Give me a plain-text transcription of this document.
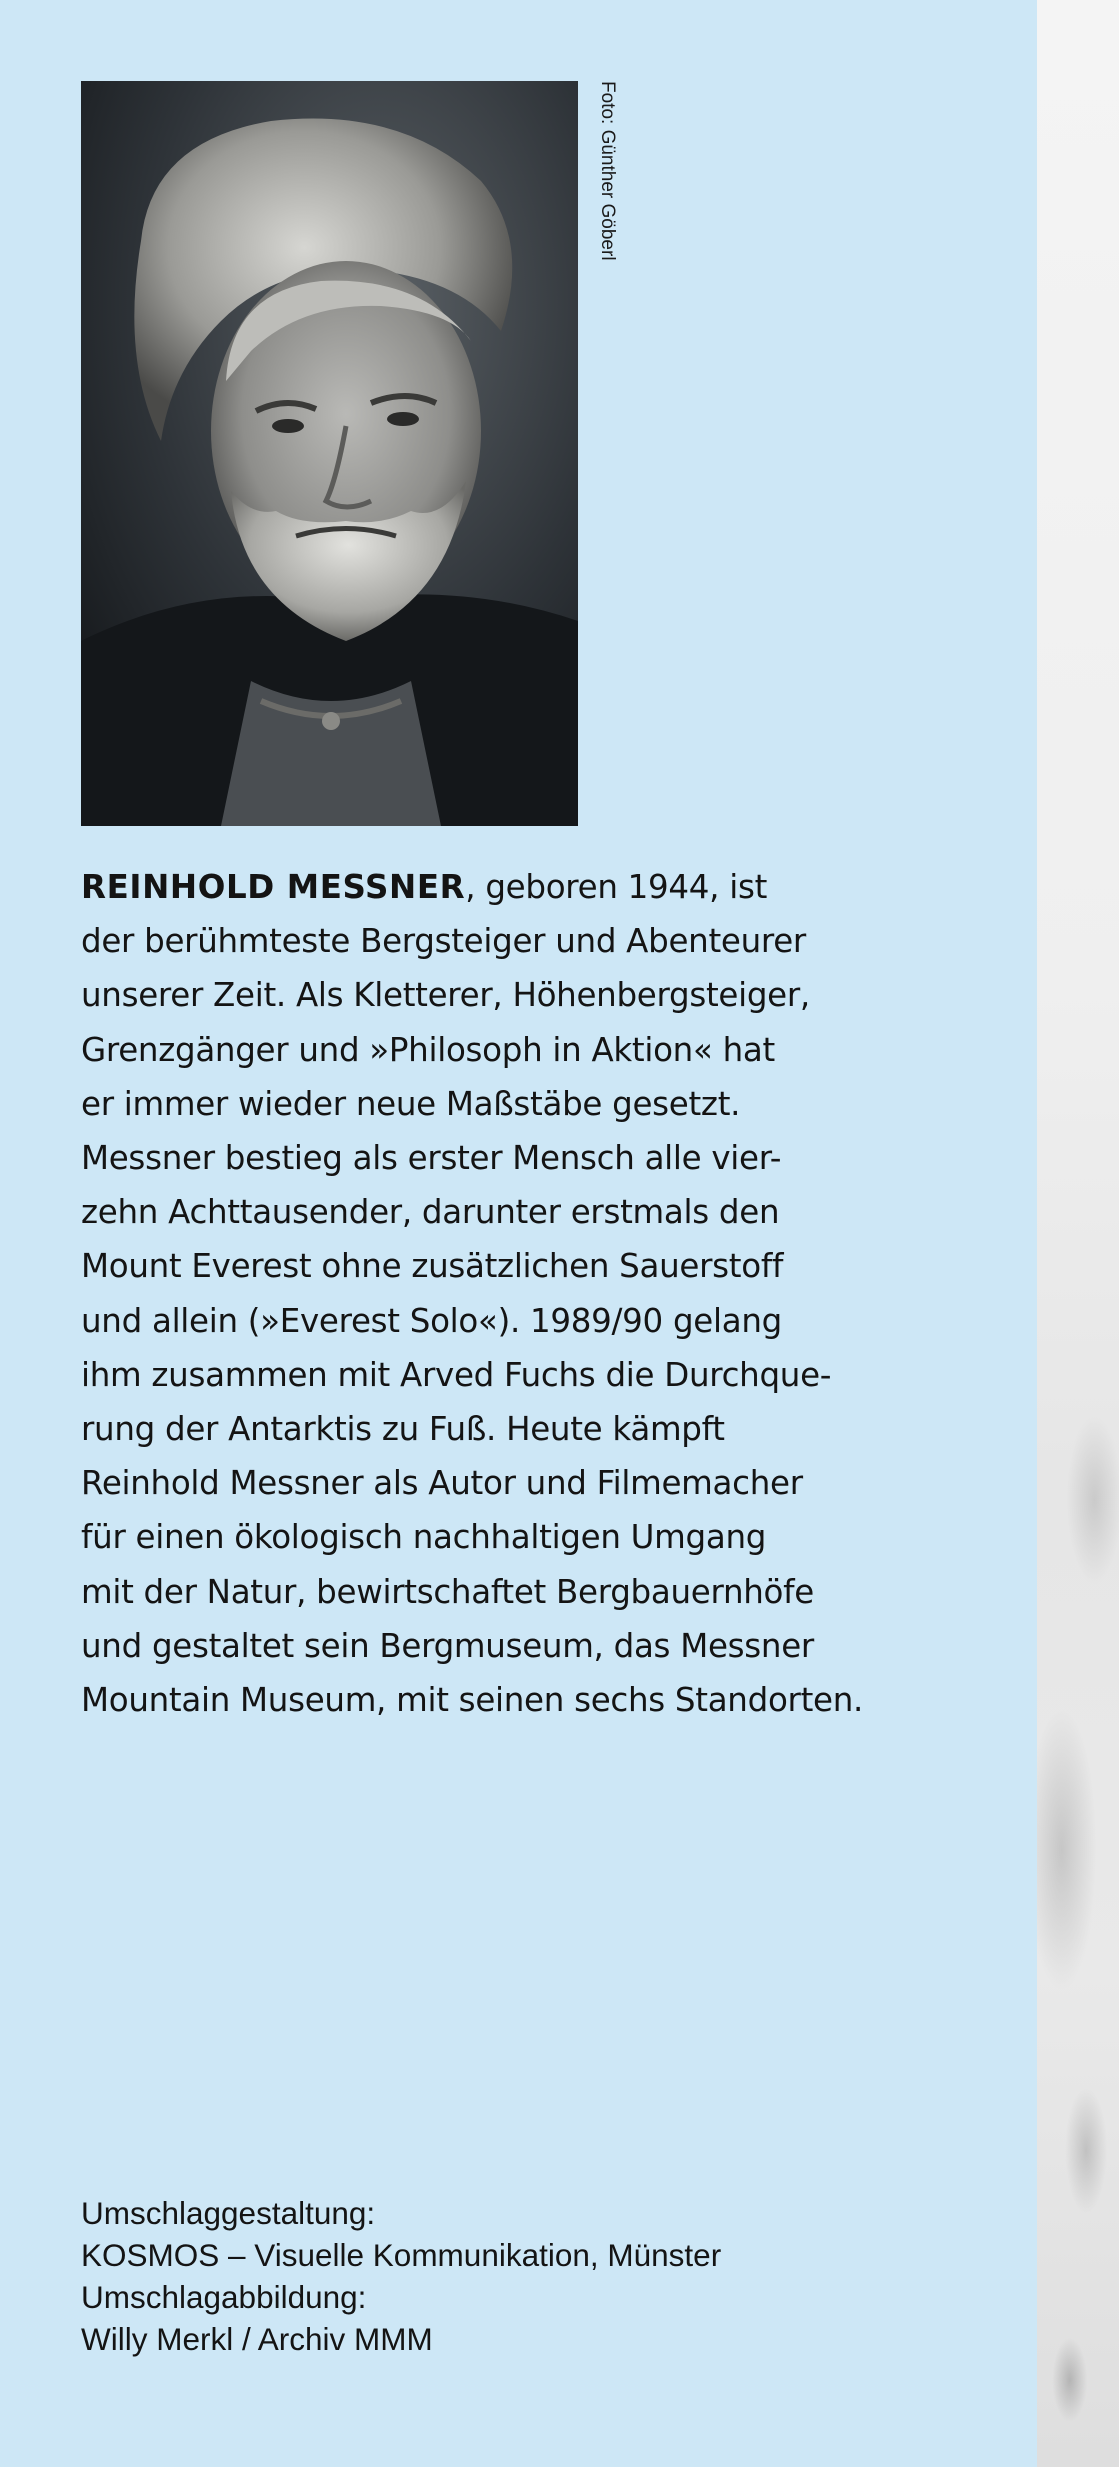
Foto: Günther Göberl
REINHOLD MESSNER, geboren 1944, ist
der berühmteste Bergsteiger und Abenteurer
unserer Zeit. Als Kletterer, Höhenbergsteiger,
Grenzgänger und »Philosoph in Aktion« hat
er immer wieder neue Maßstäbe gesetzt.
Messner bestieg als erster Mensch alle vier-
zehn Achttausender, darunter erstmals den
Mount Everest ohne zusätzlichen Sauerstoff
und allein (»Everest Solo«). 1989/90 gelang
ihm zusammen mit Arved Fuchs die Durchque-
rung der Antarktis zu Fuß. Heute kämpft
Reinhold Messner als Autor und Filmemacher
für einen ökologisch nachhaltigen Umgang
mit der Natur, bewirtschaftet Bergbauernhöfe
und gestaltet sein Bergmuseum, das Messner
Mountain Museum, mit seinen sechs Standorten.
Umschlaggestaltung:
KOSMOS – Visuelle Kommunikation, Münster
Umschlagabbildung:
Willy Merkl / Archiv MMM
